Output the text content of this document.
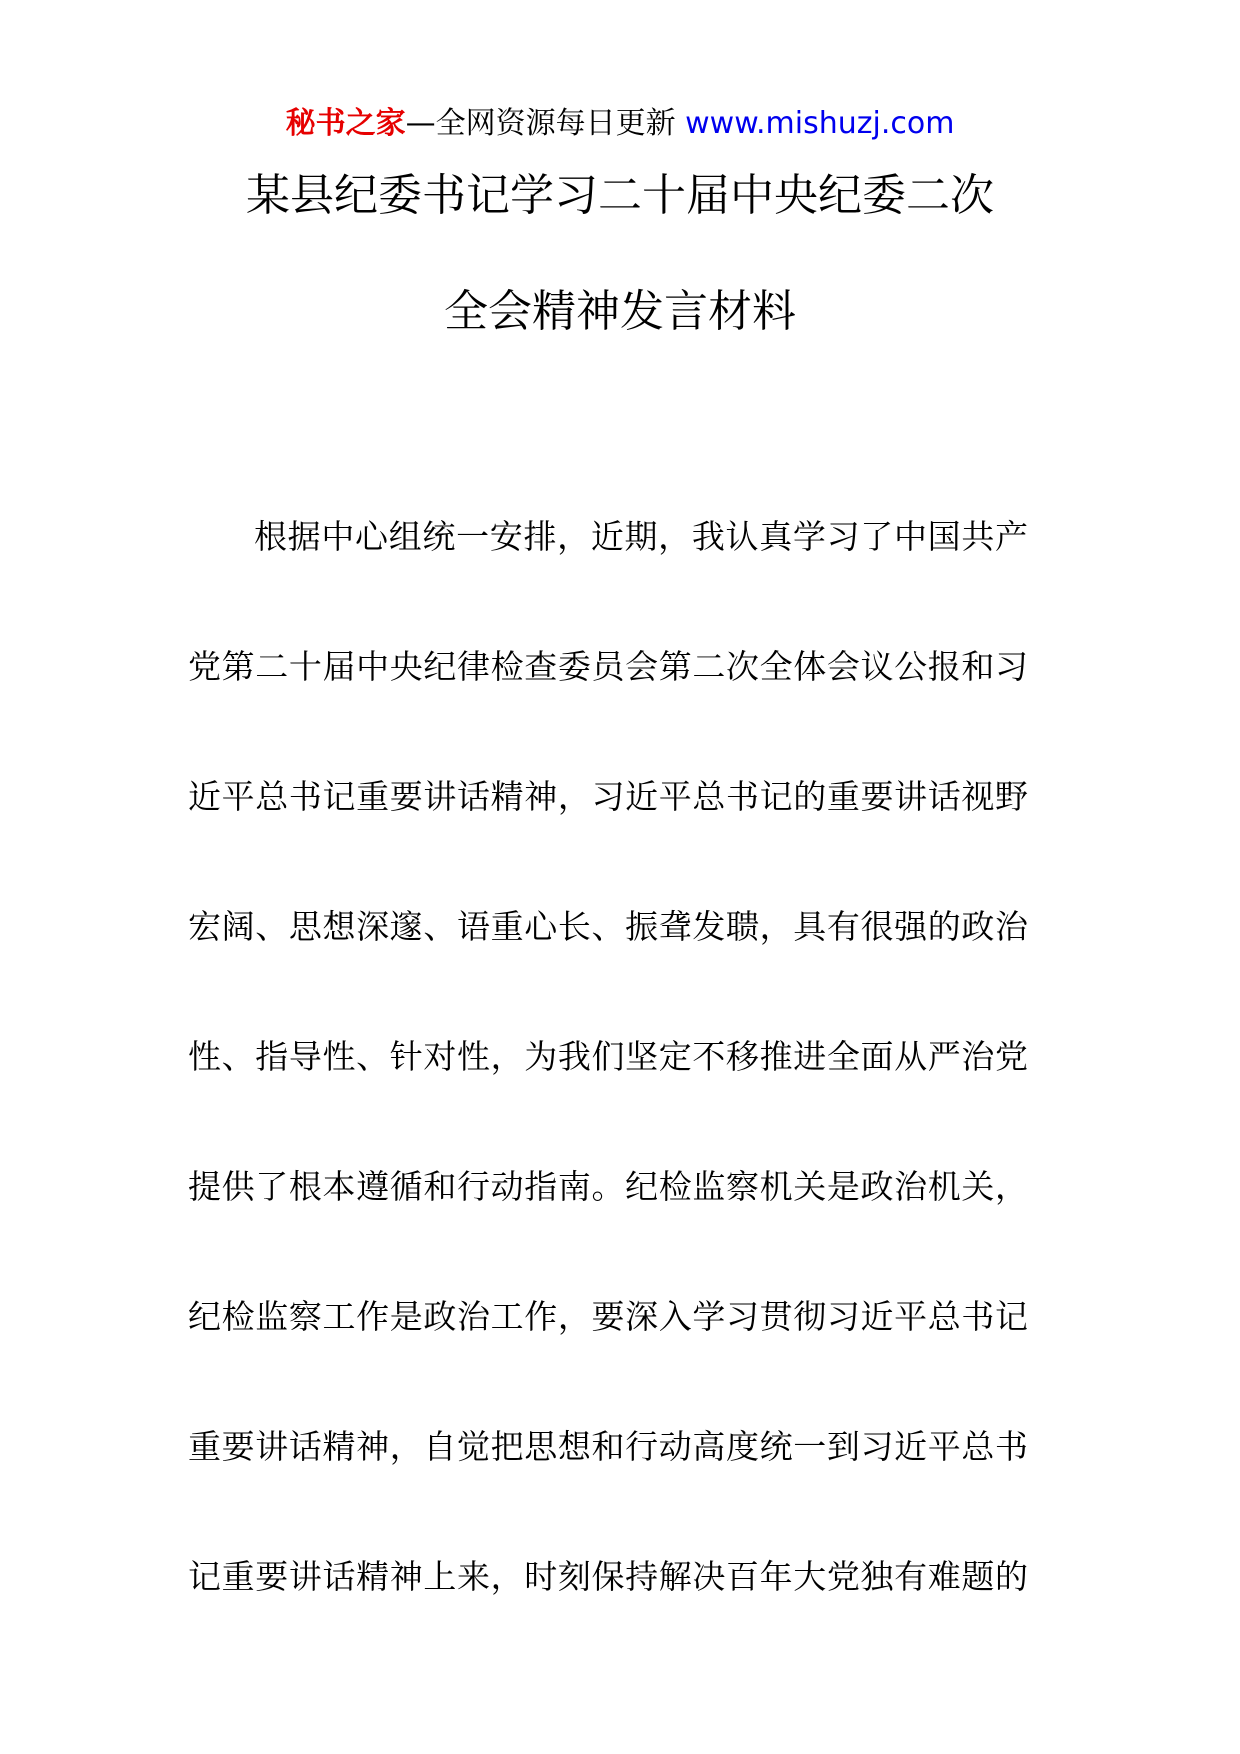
秘书之家—全网资源每日更新 www.mishuzj.com
某县纪委书记学习二十届中央纪委二次
全会精神发言材料
根据中心组统一安排，近期，我认真学习了中国共产
党第二十届中央纪律检查委员会第二次全体会议公报和习
近平总书记重要讲话精神，习近平总书记的重要讲话视野
宏阔、思想深邃、语重心长、振聋发聩，具有很强的政治
性、指导性、针对性，为我们坚定不移推进全面从严治党
提供了根本遵循和行动指南。纪检监察机关是政治机关，
纪检监察工作是政治工作，要深入学习贯彻习近平总书记
重要讲话精神，自觉把思想和行动高度统一到习近平总书
记重要讲话精神上来，时刻保持解决百年大党独有难题的
